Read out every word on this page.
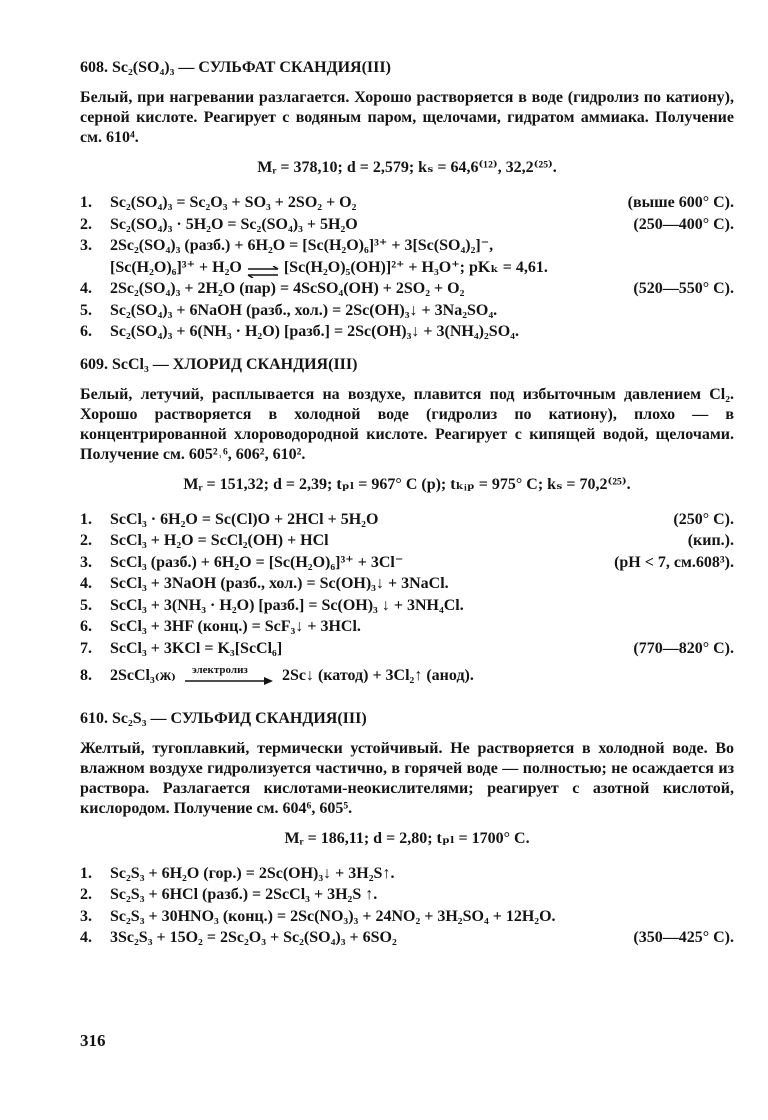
608. Sc₂(SO₄)₃ — СУЛЬФАТ СКАНДИЯ(III)

Белый, при нагревании разлагается. Хорошо растворяется в воде (гидролиз по катиону), серной кислоте. Реагирует с водяным паром, щелочами, гидратом аммиака. Получение см. 610⁴.

Mᵣ = 378,10; d = 2,579; kₛ = 64,6⁽¹²⁾, 32,2⁽²⁵⁾.
1.	Sc₂(SO₄)₃ = Sc₂O₃ + SO₃ + 2SO₂ + O₂	(выше 600° С).
2.	Sc₂(SO₄)₃ · 5H₂O = Sc₂(SO₄)₃ + 5H₂O	(250—400° С).
3.	2Sc₂(SO₄)₃ (разб.) + 6H₂O = [Sc(H₂O)₆]³⁺ + 3[Sc(SO₄)₂]⁻,
[Sc(H₂O)₆]³⁺ + H₂O ⇌ [Sc(H₂O)₅(OH)]²⁺ + H₃O⁺; pKₖ = 4,61.
4.	2Sc₂(SO₄)₃ + 2H₂O (пар) = 4ScSO₄(OH) + 2SO₂ + O₂	(520—550° С).
5.	Sc₂(SO₄)₃ + 6NaOH (разб., хол.) = 2Sc(OH)₃↓ + 3Na₂SO₄.
6.	Sc₂(SO₄)₃ + 6(NH₃ · H₂O) [разб.] = 2Sc(OH)₃↓ + 3(NH₄)₂SO₄.
609. ScCl₃ — ХЛОРИД СКАНДИЯ(III)

Белый, летучий, расплывается на воздухе, плавится под избыточным давлением Cl₂. Хорошо растворяется в холодной воде (гидролиз по катиону), плохо — в концентрированной хлороводородной кислоте. Реагирует с кипящей водой, щелочами. Получение см. 605²˒⁶, 606², 610².

Mᵣ = 151,32; d = 2,39; tₚₗ = 967° С (р); tₖᵢₚ = 975° С; kₛ = 70,2⁽²⁵⁾.
1.	ScCl₃ · 6H₂O = Sc(Cl)O + 2HCl + 5H₂O	(250° С).
2.	ScCl₃ + H₂O = ScCl₂(OH) + HCl	(кип.).
3.	ScCl₃ (разб.) + 6H₂O = [Sc(H₂O)₆]³⁺ + 3Cl⁻	(pH < 7, см.608³).
4.	ScCl₃ + 3NaOH (разб., хол.) = Sc(OH)₃↓ + 3NaCl.
5.	ScCl₃ + 3(NH₃ · H₂O) [разб.] = Sc(OH)₃ ↓ + 3NH₄Cl.
6.	ScCl₃ + 3HF (конц.) = ScF₃↓ + 3HCl.
7.	ScCl₃ + 3KCl = K₃[ScCl₆]	(770—820° С).
8.	2ScCl₃₍ж₎ электролиз 2Sc↓ (катод) + 3Cl₂↑ (анод).
610. Sc₂S₃ — СУЛЬФИД СКАНДИЯ(III)

Желтый, тугоплавкий, термически устойчивый. Не растворяется в холодной воде. Во влажном воздухе гидролизуется частично, в горячей воде — полностью; не осаждается из раствора. Разлагается кислотами-неокислителями; реагирует с азотной кислотой, кислородом. Получение см. 604⁶, 605⁵.

Mᵣ = 186,11; d = 2,80; tₚₗ = 1700° С.
1.	Sc₂S₃ + 6H₂O (гор.) = 2Sc(OH)₃↓ + 3H₂S↑.
2.	Sc₂S₃ + 6HCl (разб.) = 2ScCl₃ + 3H₂S ↑.
3.	Sc₂S₃ + 30HNO₃ (конц.) = 2Sc(NO₃)₃ + 24NO₂ + 3H₂SO₄ + 12H₂O.
4.	3Sc₂S₃ + 15O₂ = 2Sc₂O₃ + Sc₂(SO₄)₃ + 6SO₂	(350—425° С).
316
